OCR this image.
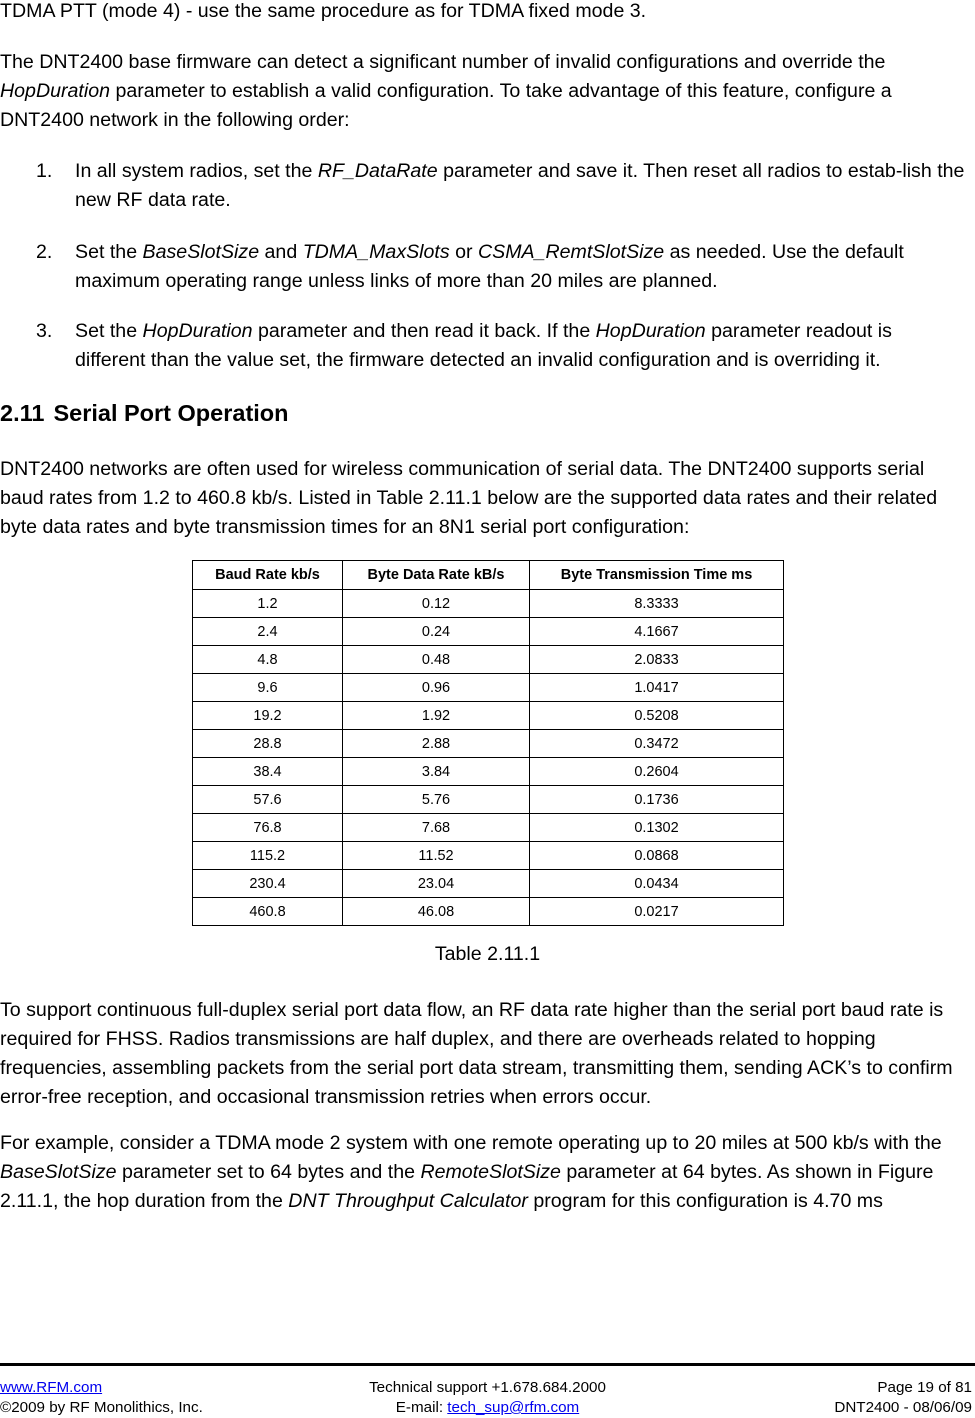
TDMA PTT (mode 4) - use the same procedure as for TDMA fixed mode 3.

The DNT2400 base firmware can detect a significant number of invalid configurations and override the HopDuration parameter to establish a valid configuration. To take advantage of this feature, configure a DNT2400 network in the following order:

1. In all system radios, set the RF_DataRate parameter and save it. Then reset all radios to estab-lish the new RF data rate.

2. Set the BaseSlotSize and TDMA_MaxSlots or CSMA_RemtSlotSize as needed. Use the default maximum operating range unless links of more than 20 miles are planned.

3. Set the HopDuration parameter and then read it back. If the HopDuration parameter readout is different than the value set, the firmware detected an invalid configuration and is overriding it.

2.11 Serial Port Operation

DNT2400 networks are often used for wireless communication of serial data. The DNT2400 supports serial baud rates from 1.2 to 460.8 kb/s. Listed in Table 2.11.1 below are the supported data rates and their related byte data rates and byte transmission times for an 8N1 serial port configuration:

Baud Rate kb/s	Byte Data Rate kB/s	Byte Transmission Time ms
1.2	0.12	8.3333
2.4	0.24	4.1667
4.8	0.48	2.0833
9.6	0.96	1.0417
19.2	1.92	0.5208
28.8	2.88	0.3472
38.4	3.84	0.2604
57.6	5.76	0.1736
76.8	7.68	0.1302
115.2	11.52	0.0868
230.4	23.04	0.0434
460.8	46.08	0.0217

Table 2.11.1

To support continuous full-duplex serial port data flow, an RF data rate higher than the serial port baud rate is required for FHSS. Radios transmissions are half duplex, and there are overheads related to hopping frequencies, assembling packets from the serial port data stream, transmitting them, sending ACK’s to confirm error-free reception, and occasional transmission retries when errors occur.

For example, consider a TDMA mode 2 system with one remote operating up to 20 miles at 500 kb/s with the BaseSlotSize parameter set to 64 bytes and the RemoteSlotSize parameter at 64 bytes. As shown in Figure 2.11.1, the hop duration from the DNT Throughput Calculator program for this configuration is 4.70 ms

www.RFM.com

©2009 by RF Monolithics, Inc.

Technical support +1.678.684.2000

E-mail: tech_sup@rfm.com

Page 19 of 81

DNT2400 - 08/06/09
